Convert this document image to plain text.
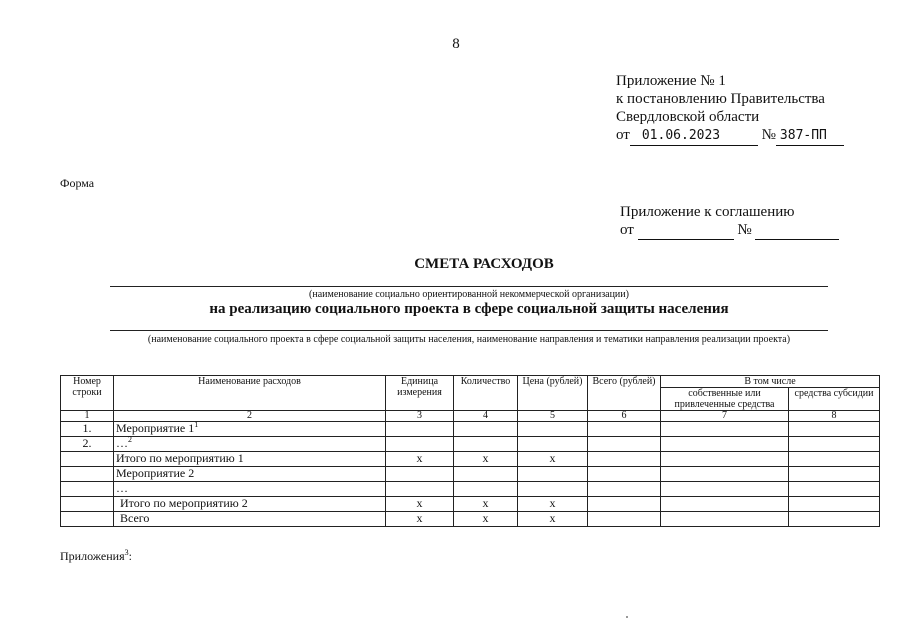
8
Приложение № 1
к постановлению Правительства
Свердловской области
от 01.06.2023	№ 387-ПП
Форма
Приложение к соглашению
от	№
СМЕТА РАСХОДОВ
(наименование социально ориентированной некоммерческой организации)
на реализацию социального проекта в сфере социальной защиты населения
(наименование социального проекта в сфере социальной защиты населения, наименование направления и тематики направления реализации проекта)
Номер строки	Наименование расходов	Единица измерения	Количество	Цена (рублей)	Всего (рублей)	В том числе	
						собственные или привлеченные средства	средства субсидии
1	2	3	4	5	6	7	8
1.	Мероприятие $1^1$						
2.	…$^2$						
	Итого по мероприятию 1	x	x	x			
	Мероприятие 2						
	…						
	Итого по мероприятию 2	x	x	x			
	Всего	x	x	x			
Приложения$^3$:
